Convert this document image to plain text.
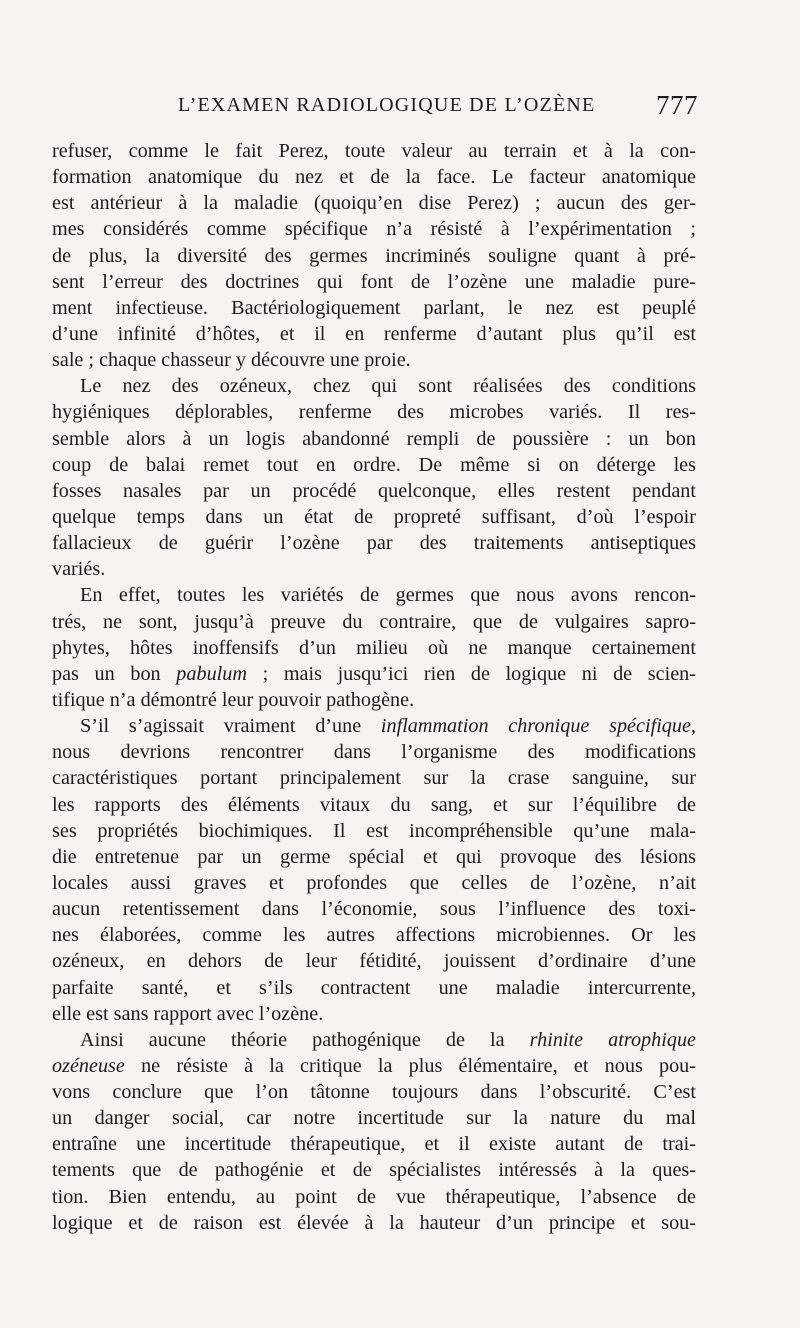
L’EXAMEN RADIOLOGIQUE DE L’OZÈNE 777
refuser, comme le fait Perez, toute valeur au terrain et à la con-
formation anatomique du nez et de la face. Le facteur anatomique
est antérieur à la maladie (quoiqu’en dise Perez) ; aucun des ger-
mes considérés comme spécifique n’a résisté à l’expérimentation ;
de plus, la diversité des germes incriminés souligne quant à pré-
sent l’erreur des doctrines qui font de l’ozène une maladie pure-
ment infectieuse. Bactériologiquement parlant, le nez est peuplé
d’une infinité d’hôtes, et il en renferme d’autant plus qu’il est
sale ; chaque chasseur y découvre une proie.
Le nez des ozéneux, chez qui sont réalisées des conditions
hygiéniques déplorables, renferme des microbes variés. Il res-
semble alors à un logis abandonné rempli de poussière : un bon
coup de balai remet tout en ordre. De même si on déterge les
fosses nasales par un procédé quelconque, elles restent pendant
quelque temps dans un état de propreté suffisant, d’où l’espoir
fallacieux de guérir l’ozène par des traitements antiseptiques
variés.
En effet, toutes les variétés de germes que nous avons rencon-
trés, ne sont, jusqu’à preuve du contraire, que de vulgaires sapro-
phytes, hôtes inoffensifs d’un milieu où ne manque certainement
pas un bon pabulum ; mais jusqu’ici rien de logique ni de scien-
tifique n’a démontré leur pouvoir pathogène.
S’il s’agissait vraiment d’une inflammation chronique spécifique,
nous devrions rencontrer dans l’organisme des modifications
caractéristiques portant principalement sur la crase sanguine, sur
les rapports des éléments vitaux du sang, et sur l’équilibre de
ses propriétés biochimiques. Il est incompréhensible qu’une mala-
die entretenue par un germe spécial et qui provoque des lésions
locales aussi graves et profondes que celles de l’ozène, n’ait
aucun retentissement dans l’économie, sous l’influence des toxi-
nes élaborées, comme les autres affections microbiennes. Or les
ozéneux, en dehors de leur fétidité, jouissent d’ordinaire d’une
parfaite santé, et s’ils contractent une maladie intercurrente,
elle est sans rapport avec l’ozène.
Ainsi aucune théorie pathogénique de la rhinite atrophique
ozéneuse ne résiste à la critique la plus élémentaire, et nous pou-
vons conclure que l’on tâtonne toujours dans l’obscurité. C’est
un danger social, car notre incertitude sur la nature du mal
entraîne une incertitude thérapeutique, et il existe autant de trai-
tements que de pathogénie et de spécialistes intéressés à la ques-
tion. Bien entendu, au point de vue thérapeutique, l’absence de
logique et de raison est élevée à la hauteur d’un principe et sou-
